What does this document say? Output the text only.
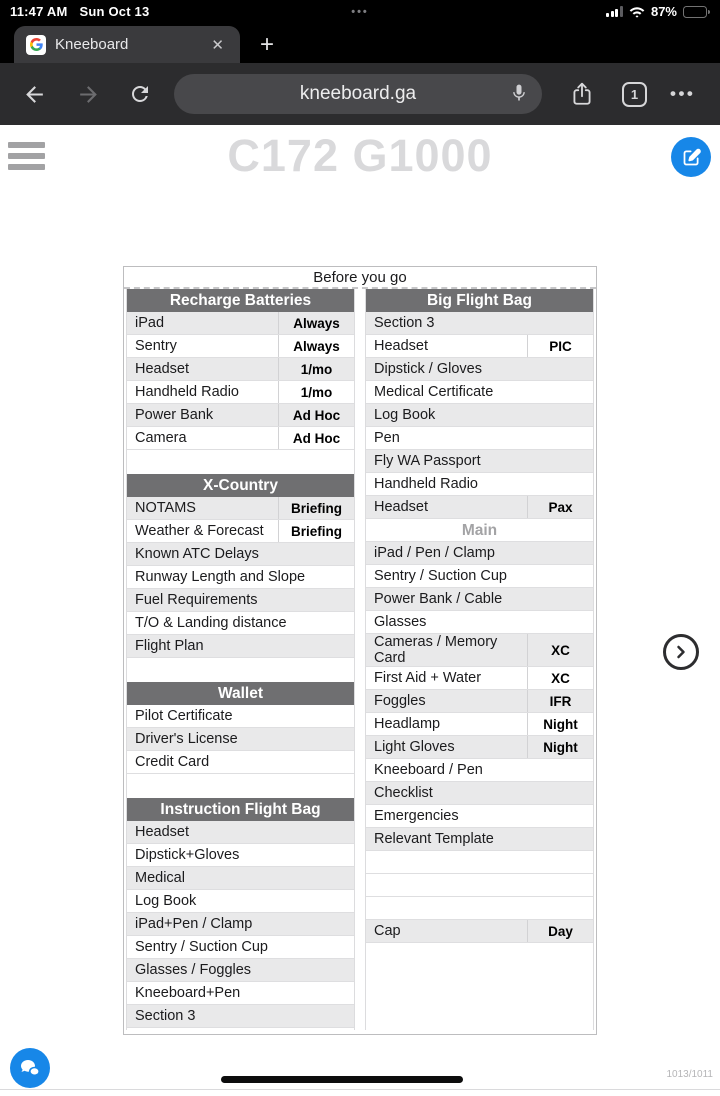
11:47 AM Sun Oct 13	•••	87%
Kneeboard	✕ +
kneeboard.ga	1	•••
C172 G1000
Before you go
Recharge Batteries
iPad	Always
Sentry	Always
Headset	1/mo
Handheld Radio	1/mo
Power Bank	Ad Hoc
Camera	Ad Hoc
X-Country
NOTAMS	Briefing
Weather & Forecast	Briefing
Known ATC Delays
Runway Length and Slope
Fuel Requirements
T/O & Landing distance
Flight Plan
Wallet
Pilot Certificate
Driver's License
Credit Card
Instruction Flight Bag
Headset
Dipstick+Gloves
Medical
Log Book
iPad+Pen / Clamp
Sentry / Suction Cup
Glasses / Foggles
Kneeboard+Pen
Section 3
Big Flight Bag
Section 3
Headset	PIC
Dipstick / Gloves
Medical Certificate
Log Book
Pen
Fly WA Passport
Handheld Radio
Headset	Pax
Main
iPad / Pen / Clamp
Sentry / Suction Cup
Power Bank / Cable
Glasses
Cameras / Memory Card	XC
First Aid + Water	XC
Foggles	IFR
Headlamp	Night
Light Gloves	Night
Kneeboard / Pen
Checklist
Emergencies
Relevant Template
Cap	Day
1013/1011
